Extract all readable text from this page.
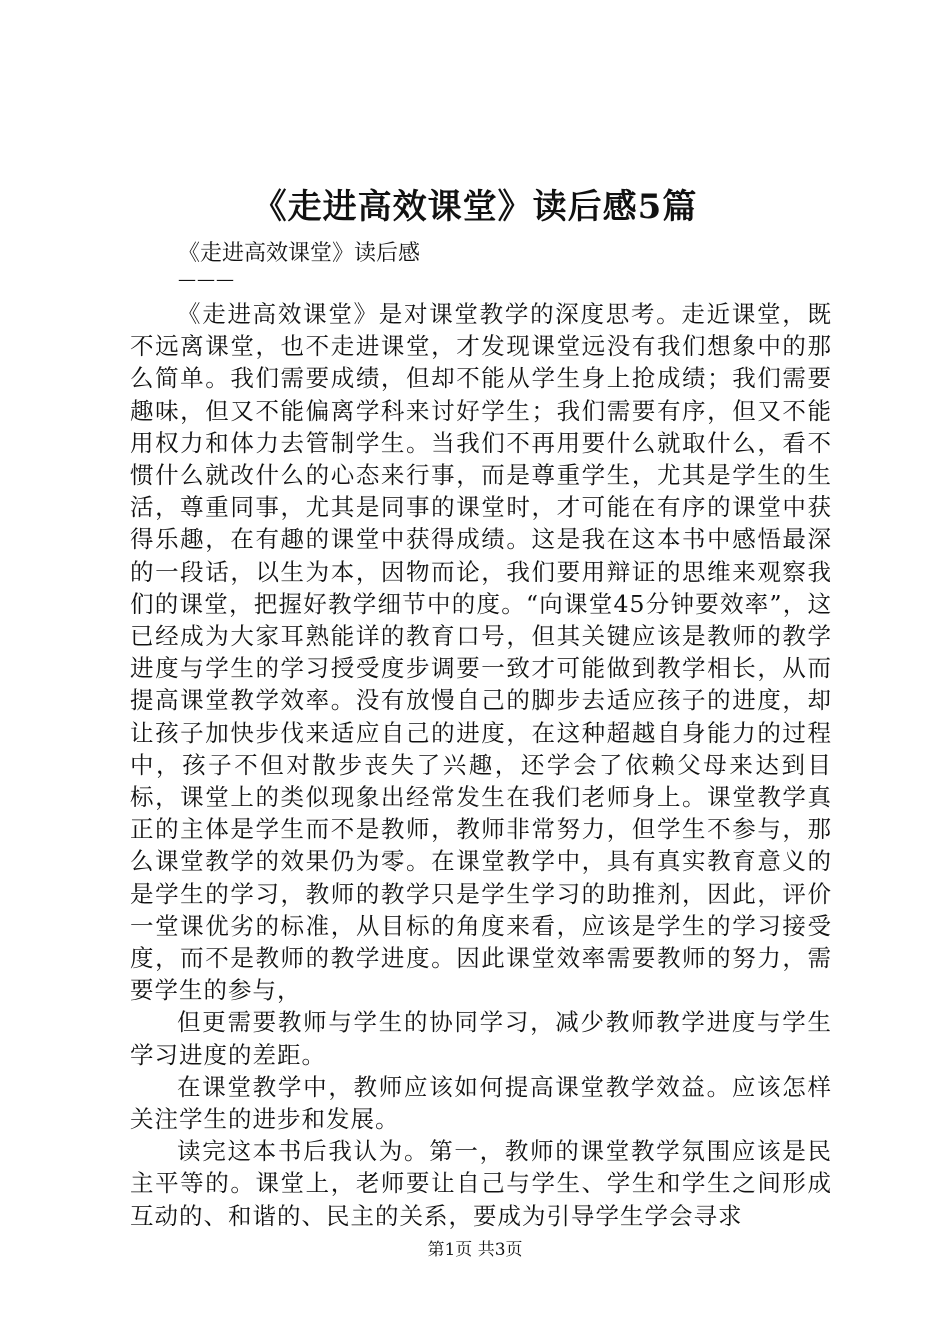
《走进高效课堂》读后感5篇
《走进高效课堂》读后感
———

《走进高效课堂》是对课堂教学的深度思考。走近课堂，既不远离课堂，也不走进课堂，才发现课堂远没有我们想象中的那么简单。我们需要成绩，但却不能从学生身上抢成绩；我们需要趣味，但又不能偏离学科来讨好学生；我们需要有序，但又不能用权力和体力去管制学生。当我们不再用要什么就取什么，看不惯什么就改什么的心态来行事，而是尊重学生，尤其是学生的生活，尊重同事，尤其是同事的课堂时，才可能在有序的课堂中获得乐趣，在有趣的课堂中获得成绩。这是我在这本书中感悟最深的一段话，以生为本，因物而论，我们要用辩证的思维来观察我们的课堂，把握好教学细节中的度。“向课堂45分钟要效率”，这已经成为大家耳熟能详的教育口号，但其关键应该是教师的教学进度与学生的学习授受度步调要一致才可能做到教学相长，从而提高课堂教学效率。没有放慢自己的脚步去适应孩子的进度，却让孩子加快步伐来适应自己的进度，在这种超越自身能力的过程中，孩子不但对散步丧失了兴趣，还学会了依赖父母来达到目标，课堂上的类似现象出经常发生在我们老师身上。课堂教学真正的主体是学生而不是教师，教师非常努力，但学生不参与，那么课堂教学的效果仍为零。在课堂教学中，具有真实教育意义的是学生的学习，教师的教学只是学生学习的助推剂，因此，评价一堂课优劣的标准，从目标的角度来看，应该是学生的学习接受度，而不是教师的教学进度。因此课堂效率需要教师的努力，需要学生的参与，

但更需要教师与学生的协同学习，减少教师教学进度与学生学习进度的差距。

在课堂教学中，教师应该如何提高课堂教学效益。应该怎样关注学生的进步和发展。

读完这本书后我认为。第一，教师的课堂教学氛围应该是民主平等的。课堂上，老师要让自己与学生、学生和学生之间形成互动的、和谐的、民主的关系，要成为引导学生学会寻求

第1页 共3页
